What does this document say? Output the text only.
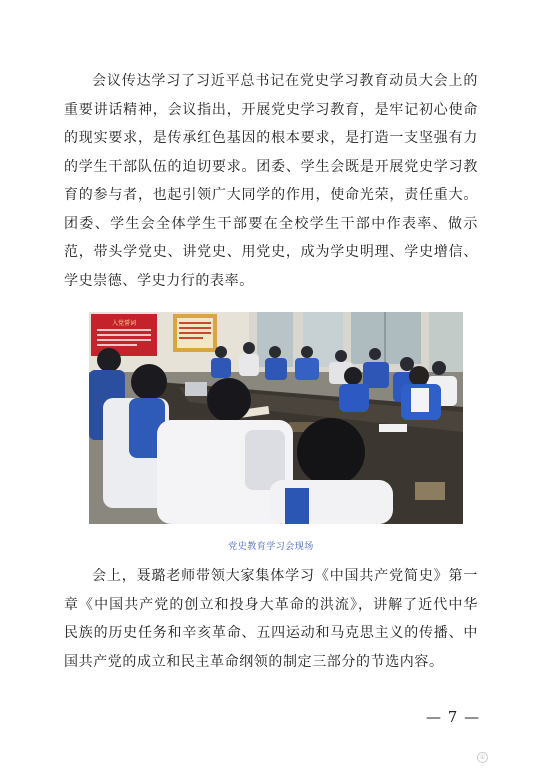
会议传达学习了习近平总书记在党史学习教育动员大会上的重要讲话精神，会议指出，开展党史学习教育，是牢记初心使命的现实要求，是传承红色基因的根本要求，是打造一支坚强有力的学生干部队伍的迫切要求。团委、学生会既是开展党史学习教育的参与者，也起引领广大同学的作用，使命光荣，责任重大。团委、学生会全体学生干部要在全校学生干部中作表率、做示范，带头学党史、讲党史、用党史，成为学史明理、学史增信、学史崇德、学史力行的表率。

入党誓词
党史教育学习会现场

会上，聂璐老师带领大家集体学习《中国共产党简史》第一章《中国共产党的创立和投身大革命的洪流》，讲解了近代中华民族的历史任务和辛亥革命、五四运动和马克思主义的传播、中国共产党的成立和民主革命纲领的制定三部分的节选内容。

— 7 —
①
